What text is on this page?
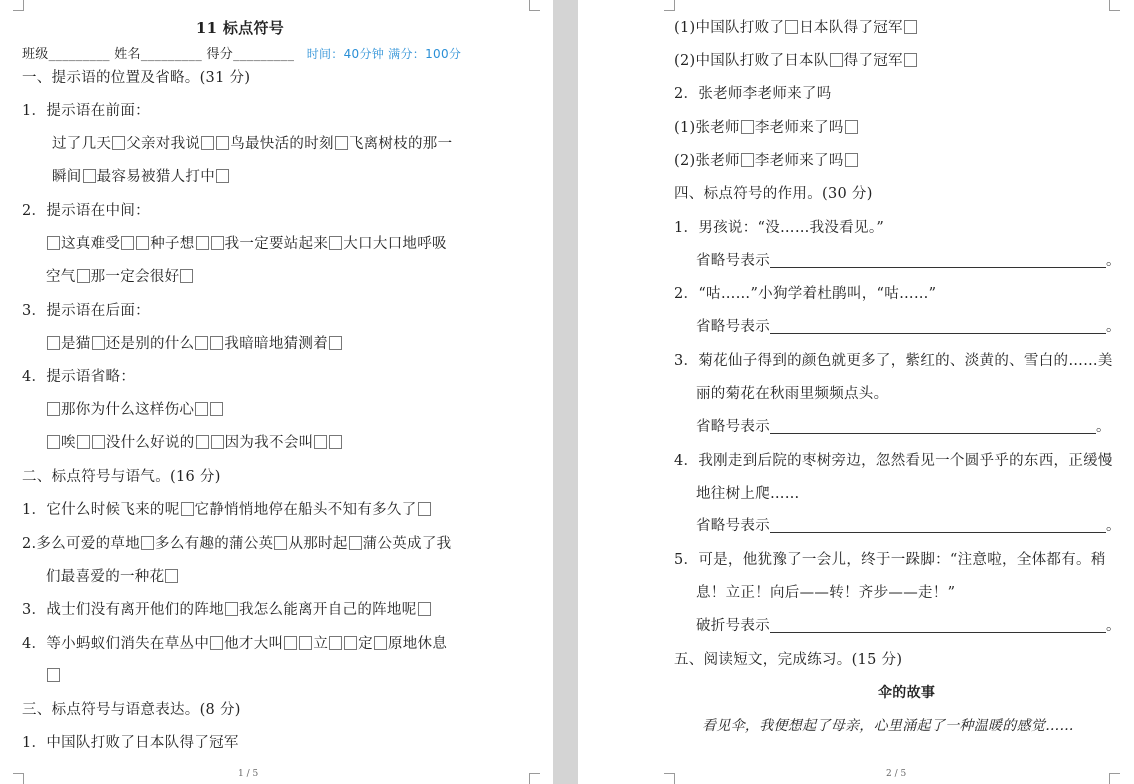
11 标点符号
班级_________ 姓名_________ 得分_________ 时间：40分钟 满分：100分
一、提示语的位置及省略。(31 分)
1．提示语在前面：
过了几天 父亲对我说 鸟最快活的时刻 飞离树枝的那一
瞬间 最容易被猎人打中
2．提示语在中间：
这真难受 种子想 我一定要站起来 大口大口地呼吸
空气 那一定会很好
3．提示语在后面：
是猫 还是别的什么 我暗暗地猜测着
4．提示语省略：
那你为什么这样伤心
唉 没什么好说的 因为我不会叫
二、标点符号与语气。(16 分)
1．它什么时候飞来的呢 它静悄悄地停在船头不知有多久了
2.多么可爱的草地 多么有趣的蒲公英 从那时起 蒲公英成了我
们最喜爱的一种花
3．战士们没有离开他们的阵地 我怎么能离开自己的阵地呢
4．等小蚂蚁们消失在草丛中 他才大叫 立 定 原地休息
三、标点符号与语意表达。(8 分)
1．中国队打败了日本队得了冠军
1 / 5
(1)中国队打败了 日本队得了冠军
(2)中国队打败了日本队 得了冠军
2．张老师李老师来了吗
(1)张老师 李老师来了吗
(2)张老师 李老师来了吗
四、标点符号的作用。(30 分)
1．男孩说：“没……我没看见。”
省略号表示	。
2．“咕……”小狗学着杜鹃叫，“咕……”
省略号表示	。
3．菊花仙子得到的颜色就更多了，紫红的、淡黄的、雪白的……美
丽的菊花在秋雨里频频点头。
省略号表示	。
4．我刚走到后院的枣树旁边，忽然看见一个圆乎乎的东西，正缓慢
地往树上爬……
省略号表示	。
5．可是，他犹豫了一会儿，终于一跺脚：“注意啦，全体都有。稍
息！立正！向后——转！齐步——走！”
破折号表示	。
五、阅读短文，完成练习。(15 分)
伞的故事
看见伞，我便想起了母亲，心里涌起了一种温暖的感觉……
2 / 5
